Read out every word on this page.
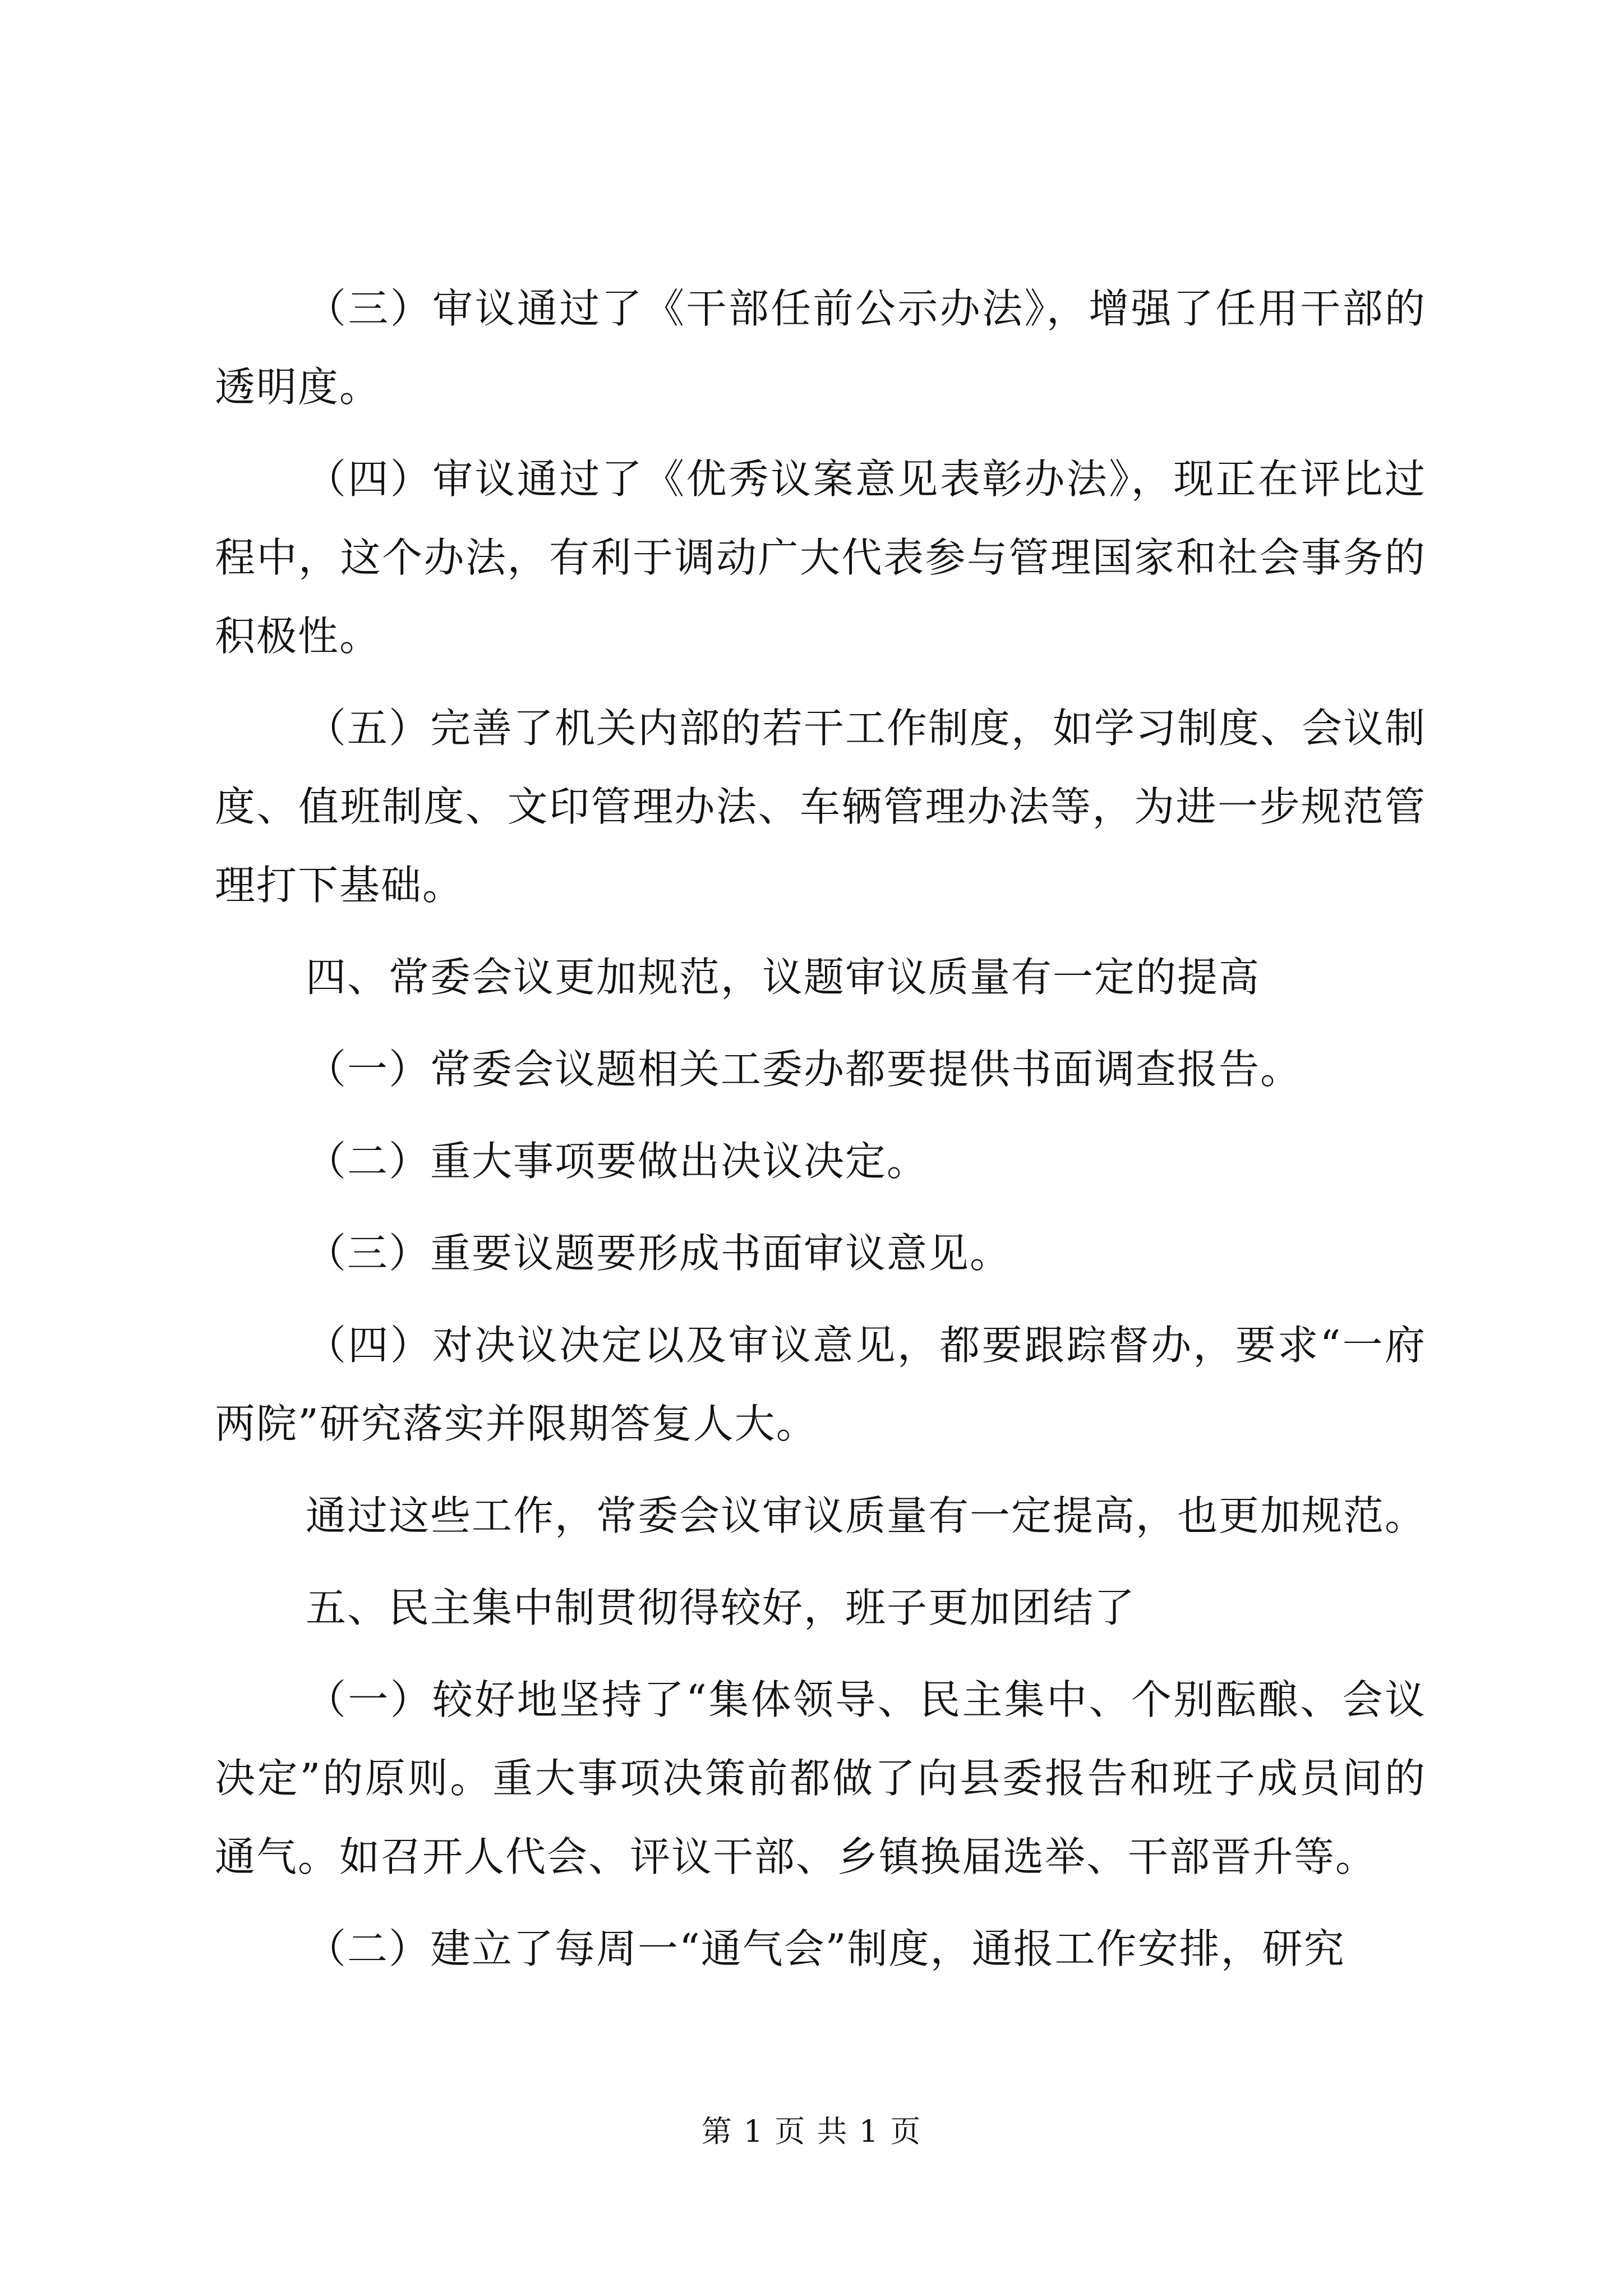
（三）审议通过了《干部任前公示办法》，增强了任用干部的透明度。

（四）审议通过了《优秀议案意见表彰办法》，现正在评比过程中，这个办法，有利于调动广大代表参与管理国家和社会事务的积极性。

（五）完善了机关内部的若干工作制度，如学习制度、会议制度、值班制度、文印管理办法、车辆管理办法等，为进一步规范管理打下基础。

四、常委会议更加规范，议题审议质量有一定的提高

（一）常委会议题相关工委办都要提供书面调查报告。

（二）重大事项要做出决议决定。

（三）重要议题要形成书面审议意见。

（四）对决议决定以及审议意见，都要跟踪督办，要求“一府两院”研究落实并限期答复人大。

通过这些工作，常委会议审议质量有一定提高，也更加规范。

五、民主集中制贯彻得较好，班子更加团结了

（一）较好地坚持了“集体领导、民主集中、个别酝酿、会议决定”的原则。重大事项决策前都做了向县委报告和班子成员间的通气。如召开人代会、评议干部、乡镇换届选举、干部晋升等。

（二）建立了每周一“通气会”制度，通报工作安排，研究

第 1 页 共 1 页
